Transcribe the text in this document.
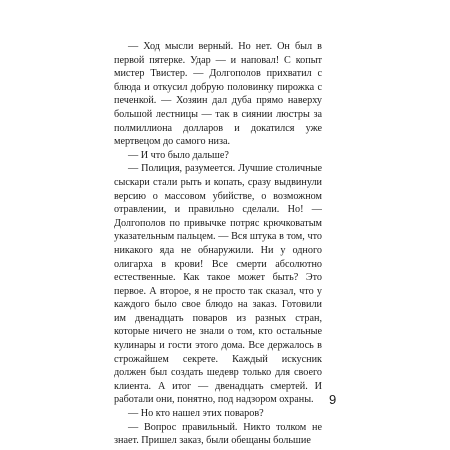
— Ход мысли верный. Но нет. Он был в первой пятерке. Удар — и наповал! С копыт мистер Твистер. — Долгополов прихватил с блюда и откусил добрую половинку пирожка с печенкой. — Хозяин дал дуба прямо наверху большой лестницы — так в сиянии люстры за полмиллиона долларов и докатился уже мертвецом до самого низа.

— И что было дальше?

— Полиция, разумеется. Лучшие столичные сыскари стали рыть и копать, сразу выдвинули версию о массовом убийстве, о возможном отравлении, и правильно сделали. Но! — Долгополов по привычке потряс крючковатым указательным пальцем. — Вся штука в том, что никакого яда не обнаружили. Ни у одного олигарха в крови! Все смерти абсолютно естественные. Как такое может быть? Это первое. А второе, я не просто так сказал, что у каждого было свое блюдо на заказ. Готовили им двенадцать поваров из разных стран, которые ничего не знали о том, кто остальные кулинары и гости этого дома. Все держалось в строжайшем секрете. Каждый искусник должен был создать шедевр только для своего клиента. А итог — двенадцать смертей. И работали они, понятно, под надзором охраны.

— Но кто нашел этих поваров?

— Вопрос правильный. Никто толком не знает. Пришел заказ, были обещаны большие

9
